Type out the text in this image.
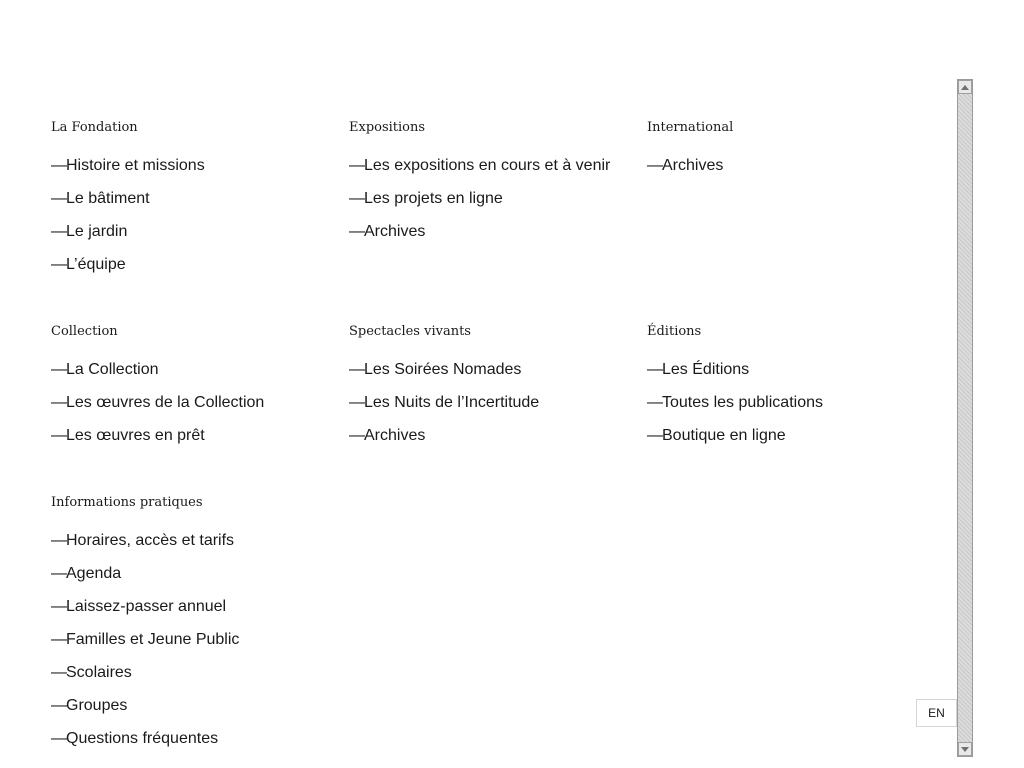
La Fondation
— Histoire et missions
— Le bâtiment
— Le jardin
— L’équipe
Expositions
— Les expositions en cours et à venir
— Les projets en ligne
— Archives
International
— Archives
Collection
— La Collection
— Les œuvres de la Collection
— Les œuvres en prêt
Spectacles vivants
— Les Soirées Nomades
— Les Nuits de l’Incertitude
— Archives
Éditions
— Les Éditions
— Toutes les publications
— Boutique en ligne
Informations pratiques
— Horaires, accès et tarifs
— Agenda
— Laissez-passer annuel
— Familles et Jeune Public
— Scolaires
— Groupes
— Questions fréquentes
EN
